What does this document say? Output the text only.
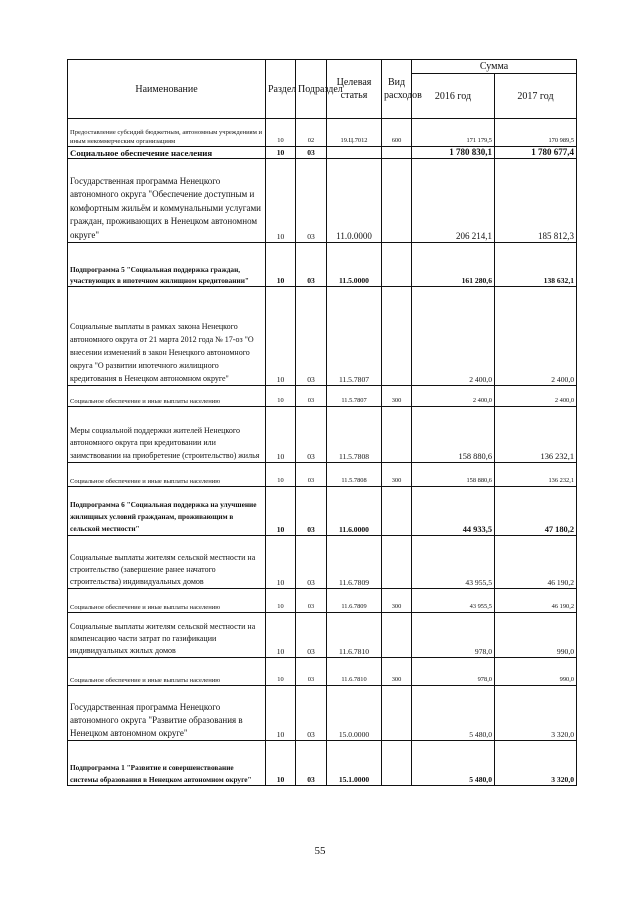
Наименование	Раздел	Подраздел	Целевая статья	Вид расходов	Сумма	
					2016 год	2017 год
Предоставление субсидий бюджетным, автономным учреждениям и иным некоммерческим организациям	10	02	19.Ц.7012	600	171 179,5	170 989,5
Социальное обеспечение населения	10	03			1 780 830,1	1 780 677,4
Государственная программа Ненецкого автономного округа "Обеспечение доступным и комфортным жильём и коммунальными услугами граждан, проживающих в Ненецком автономном округе"	10	03	11.0.0000		206 214,1	185 812,3
Подпрограмма 5 "Социальная поддержка граждан, участвующих в ипотечном жилищном кредитовании"	10	03	11.5.0000		161 280,6	138 632,1
Социальные выплаты в рамках закона Ненецкого автономного округа от 21 марта 2012 года № 17-оз "О внесении изменений в закон Ненецкого автономного округа "О развитии ипотечного жилищного кредитования в Ненецком автономном округе"	10	03	11.5.7807		2 400,0	2 400,0
Социальное обеспечение и иные выплаты населению	10	03	11.5.7807	300	2 400,0	2 400,0
Меры социальной поддержки жителей Ненецкого автономного округа при кредитовании или заимствовании на приобретение (строительство) жилья	10	03	11.5.7808		158 880,6	136 232,1
Социальное обеспечение и иные выплаты населению	10	03	11.5.7808	300	158 880,6	136 232,1
Подпрограмма 6 "Социальная поддержка на улучшение жилищных условий гражданам, проживающим в сельской местности"	10	03	11.6.0000		44 933,5	47 180,2
Социальные выплаты жителям сельской местности на строительство (завершение ранее начатого строительства) индивидуальных домов	10	03	11.6.7809		43 955,5	46 190,2
Социальное обеспечение и иные выплаты населению	10	03	11.6.7809	300	43 955,5	46 190,2
Социальные выплаты жителям сельской местности на компенсацию части затрат по газификации индивидуальных жилых домов	10	03	11.6.7810		978,0	990,0
Социальное обеспечение и иные выплаты населению	10	03	11.6.7810	300	978,0	990,0
Государственная программа Ненецкого автономного округа "Развитие образования в Ненецком автономном округе"	10	03	15.0.0000		5 480,0	3 320,0
Подпрограмма 1 "Развитие и совершенствование системы образования в Ненецком автономном округе"	10	03	15.1.0000		5 480,0	3 320,0
55
